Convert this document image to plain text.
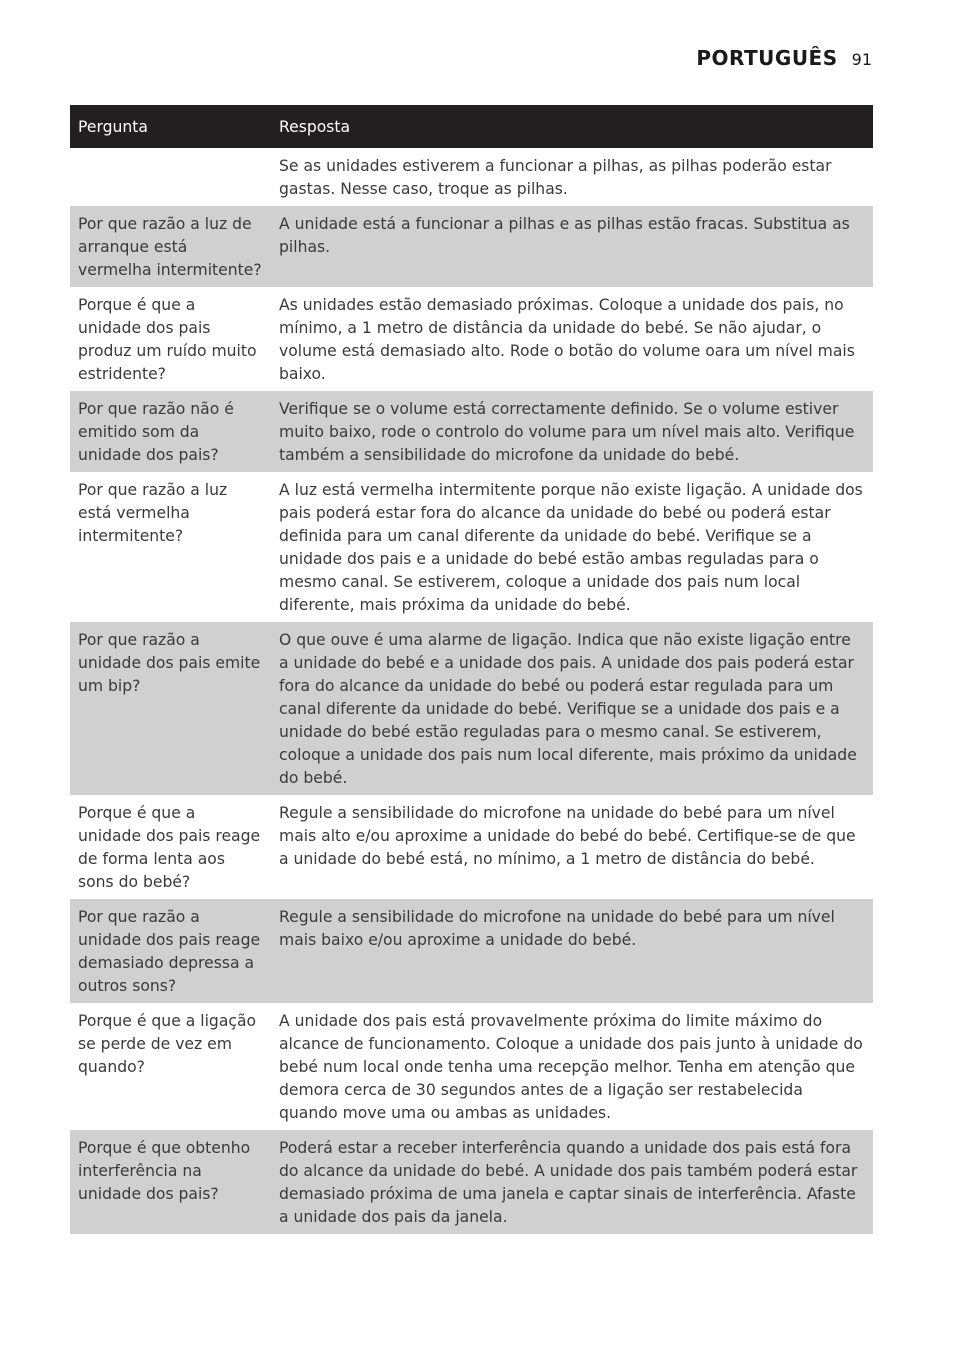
PORTUGUÊS 91
Pergunta	Resposta
	Se as unidades estiverem a funcionar a pilhas, as pilhas poderão estar gastas. Nesse caso, troque as pilhas.
Por que razão a luz de arranque está vermelha intermitente?	A unidade está a funcionar a pilhas e as pilhas estão fracas. Substitua as pilhas.
Porque é que a unidade dos pais produz um ruído muito estridente?	As unidades estão demasiado próximas. Coloque a unidade dos pais, no mínimo, a 1 metro de distância da unidade do bebé. Se não ajudar, o volume está demasiado alto. Rode o botão do volume oara um nível mais baixo.
Por que razão não é emitido som da unidade dos pais?	Verifique se o volume está correctamente definido. Se o volume estiver muito baixo, rode o controlo do volume para um nível mais alto. Verifique também a sensibilidade do microfone da unidade do bebé.
Por que razão a luz está vermelha intermitente?	A luz está vermelha intermitente porque não existe ligação. A unidade dos pais poderá estar fora do alcance da unidade do bebé ou poderá estar definida para um canal diferente da unidade do bebé. Verifique se a unidade dos pais e a unidade do bebé estão ambas reguladas para o mesmo canal. Se estiverem, coloque a unidade dos pais num local diferente, mais próxima da unidade do bebé.
Por que razão a unidade dos pais emite um bip?	O que ouve é uma alarme de ligação. Indica que não existe ligação entre a unidade do bebé e a unidade dos pais. A unidade dos pais poderá estar fora do alcance da unidade do bebé ou poderá estar regulada para um canal diferente da unidade do bebé. Verifique se a unidade dos pais e a unidade do bebé estão reguladas para o mesmo canal. Se estiverem, coloque a unidade dos pais num local diferente, mais próximo da unidade do bebé.
Porque é que a unidade dos pais reage de forma lenta aos sons do bebé?	Regule a sensibilidade do microfone na unidade do bebé para um nível mais alto e/ou aproxime a unidade do bebé do bebé. Certifique-se de que a unidade do bebé está, no mínimo, a 1 metro de distância do bebé.
Por que razão a unidade dos pais reage demasiado depressa a outros sons?	Regule a sensibilidade do microfone na unidade do bebé para um nível mais baixo e/ou aproxime a unidade do bebé.
Porque é que a ligação se perde de vez em quando?	A unidade dos pais está provavelmente próxima do limite máximo do alcance de funcionamento. Coloque a unidade dos pais junto à unidade do bebé num local onde tenha uma recepção melhor. Tenha em atenção que demora cerca de 30 segundos antes de a ligação ser restabelecida quando move uma ou ambas as unidades.
Porque é que obtenho interferência na unidade dos pais?	Poderá estar a receber interferência quando a unidade dos pais está fora do alcance da unidade do bebé. A unidade dos pais também poderá estar demasiado próxima de uma janela e captar sinais de interferência. Afaste a unidade dos pais da janela.
